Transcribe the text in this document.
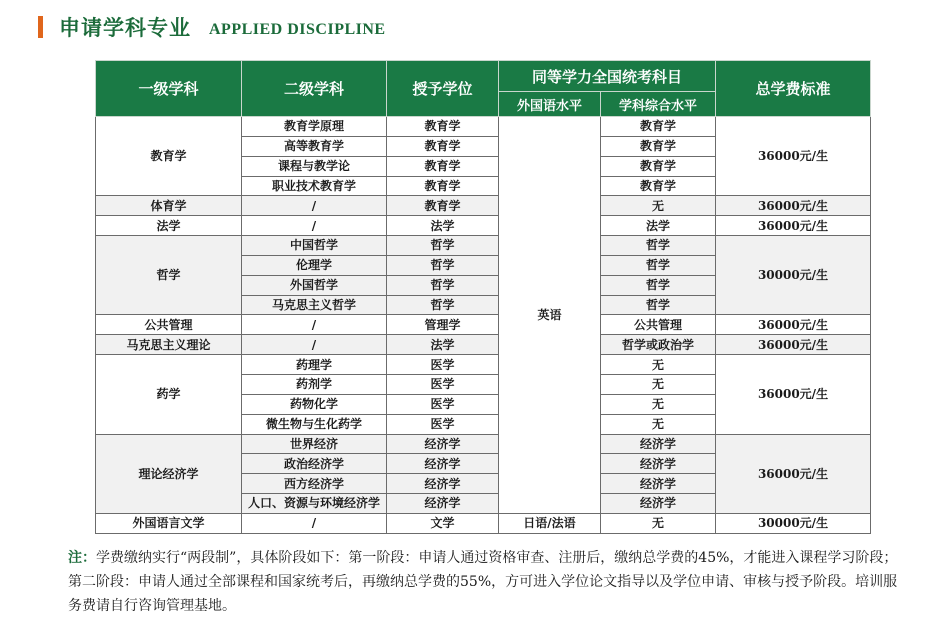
申请学科专业 APPLIED DISCIPLINE
一级学科	二级学科	授予学位	同等学力全国统考科目		总学费标准
			外国语水平	学科综合水平	
教育学	教育学原理	教育学	英语	教育学	36000元/生
	高等教育学	教育学		教育学	
	课程与教学论	教育学		教育学	
	职业技术教育学	教育学		教育学	
体育学	/	教育学		无	36000元/生
法学	/	法学		法学	36000元/生
哲学	中国哲学	哲学		哲学	30000元/生
	伦理学	哲学		哲学	
	外国哲学	哲学		哲学	
	马克思主义哲学	哲学		哲学	
公共管理	/	管理学		公共管理	36000元/生
马克思主义理论	/	法学		哲学或政治学	36000元/生
药学	药理学	医学		无	36000元/生
	药剂学	医学		无	
	药物化学	医学		无	
	微生物与生化药学	医学		无	
理论经济学	世界经济	经济学		经济学	36000元/生
	政治经济学	经济学		经济学	
	西方经济学	经济学		经济学	
	人口、资源与环境经济学	经济学		经济学	
外国语言文学	/	文学	日语/法语	无	30000元/生
注：学费缴纳实行“两段制”，具体阶段如下：第一阶段：申请人通过资格审查、注册后，缴纳总学费的45%，才能进入课程学习阶段；第二阶段：申请人通过全部课程和国家统考后，再缴纳总学费的55%，方可进入学位论文指导以及学位申请、审核与授予阶段。培训服务费请自行咨询管理基地。
